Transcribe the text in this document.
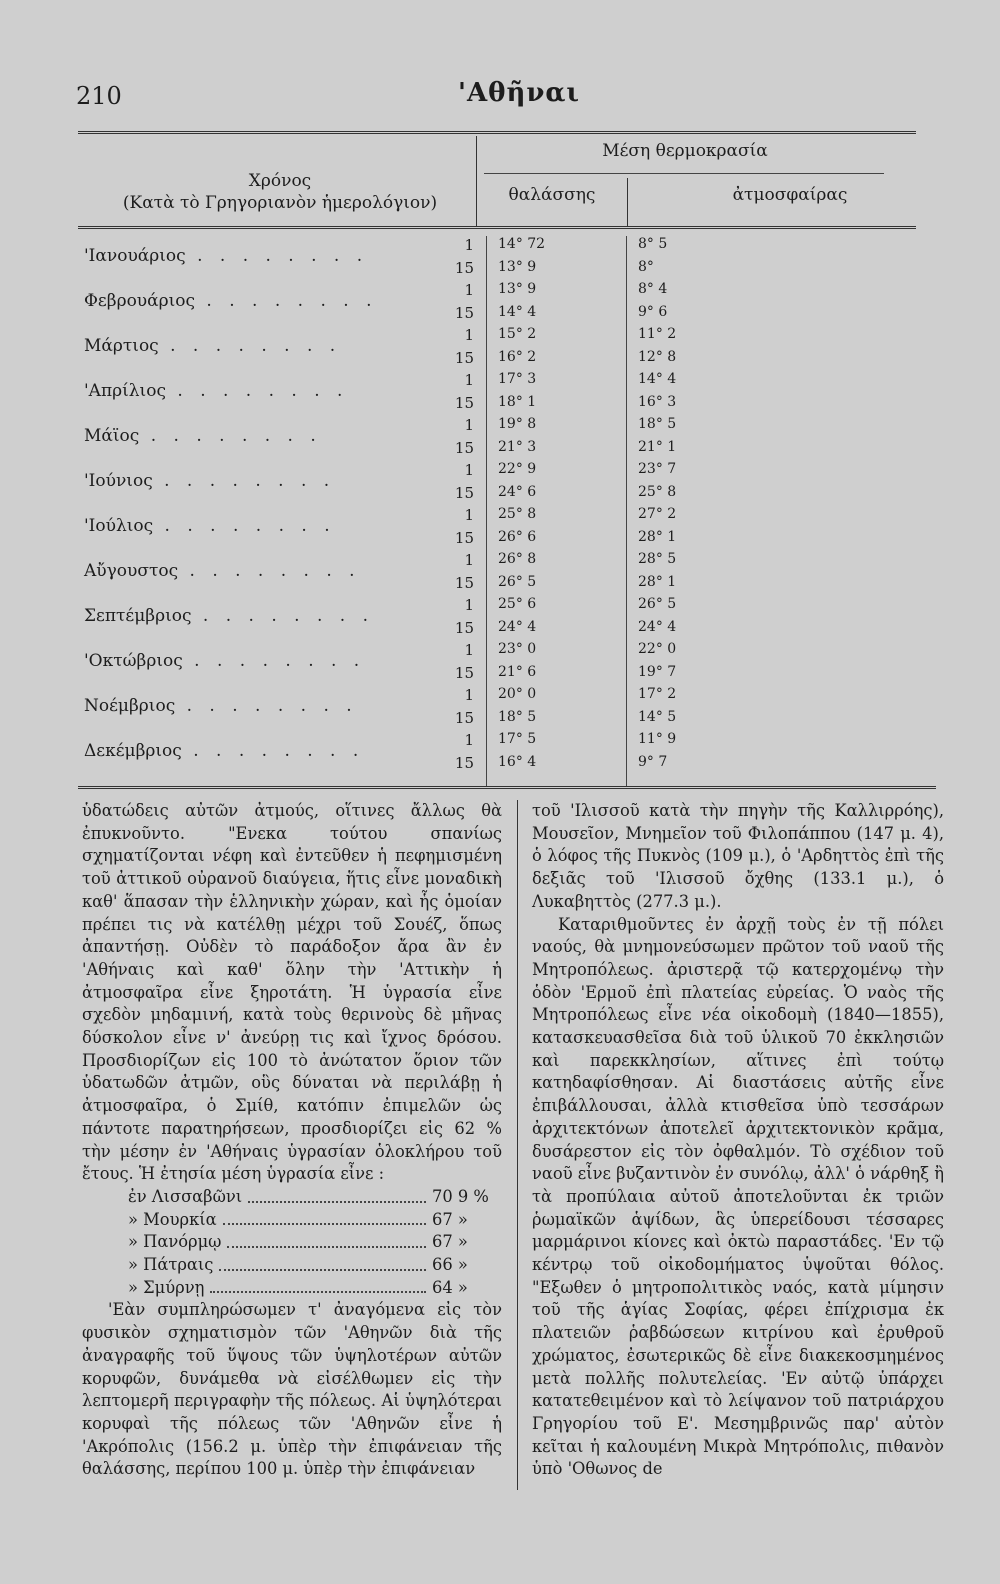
210	'Αθῆναι
Χρόνος
(Κατὰ τὸ Γρηγοριανὸν ἡμερολόγιον)
Μέση θερμοκρασία
θαλάσσης	ἀτμοσφαίρας
'Ιανουάριος . . . . . . . .
1 14° 72	8° 5
15 13° 9	8°
Φεβρουάριος . . . . . . . .
1 13° 9	8° 4
15 14° 4	9° 6
Μάρτιος . . . . . . . .
1 15° 2	11° 2
15 16° 2	12° 8
'Απρίλιος . . . . . . . .
1 17° 3	14° 4
15 18° 1	16° 3
Μάϊος . . . . . . . .
1 19° 8	18° 5
15 21° 3	21° 1
'Ιούνιος . . . . . . . .
1 22° 9	23° 7
15 24° 6	25° 8
'Ιούλιος . . . . . . . .
1 25° 8	27° 2
15 26° 6	28° 1
Αὔγουστος . . . . . . . .
1 26° 8	28° 5
15 26° 5	28° 1
Σεπτέμβριος . . . . . . . .
1 25° 6	26° 5
15 24° 4	24° 4
'Οκτώβριος . . . . . . . .
1 23° 0	22° 0
15 21° 6	19° 7
Νοέμβριος . . . . . . . .
1 20° 0	17° 2
15 18° 5	14° 5
Δεκέμβριος . . . . . . . .
1 17° 5	11° 9
15 16° 4	9° 7

ὑδατώδεις αὐτῶν ἀτμούς, οἵτινες ἄλλως θὰ ἐπυκνοῦντο. "Ενεκα τούτου σπανίως σχηματίζονται νέφη καὶ ἐντεῦθεν ἡ πεφημισμένη τοῦ ἀττικοῦ οὐρανοῦ διαύγεια, ἥτις εἶνε μοναδικὴ καθ' ἅπασαν τὴν ἑλληνικὴν χώραν, καὶ ἧς ὁμοίαν πρέπει τις νὰ κατέλθῃ μέχρι τοῦ Σουέζ, ὅπως ἀπαντήσῃ. Οὐδὲν τὸ παράδοξον ἄρα ἂν ἐν 'Αθήναις καὶ καθ' ὅλην τὴν 'Αττικὴν ἡ ἀτμοσφαῖρα εἶνε ξηροτάτη. Ἡ ὑγρασία εἶνε σχεδὸν μηδαμινή, κατὰ τοὺς θερινοὺς δὲ μῆνας δύσκολον εἶνε ν' ἀνεύρῃ τις καὶ ἴχνος δρόσου. Προσδιορίζων εἰς 100 τὸ ἀνώτατον ὅριον τῶν ὑδατωδῶν ἀτμῶν, οὓς δύναται νὰ περιλάβῃ ἡ ἀτμοσφαῖρα, ὁ Σμίθ, κατόπιν ἐπιμελῶν ὡς πάντοτε παρατηρήσεων, προσδιορίζει εἰς 62 % τὴν μέσην ἐν 'Αθήναις ὑγρασίαν ὁλοκλήρου τοῦ ἔτους. Ἡ ἐτησία μέση ὑγρασία εἶνε :

ἐν Λισσαβῶνι	70 9 %
» Μουρκία	67 »
» Πανόρμῳ	67 »
» Πάτραις	66 »
» Σμύρνῃ	64 »

'Εὰν συμπληρώσωμεν τ' ἀναγόμενα εἰς τὸν φυσικὸν σχηματισμὸν τῶν 'Αθηνῶν διὰ τῆς ἀναγραφῆς τοῦ ὕψους τῶν ὑψηλοτέρων αὐτῶν κορυφῶν, δυνάμεθα νὰ εἰσέλθωμεν εἰς τὴν λεπτομερῆ περιγραφὴν τῆς πόλεως. Αἱ ὑψηλότεραι κορυφαὶ τῆς πόλεως τῶν 'Αθηνῶν εἶνε ἡ 'Ακρόπολις (156.2 μ. ὑπὲρ τὴν ἐπιφάνειαν τῆς θαλάσσης, περίπου 100 μ. ὑπὲρ τὴν ἐπιφάνειαν

τοῦ 'Ιλισσοῦ κατὰ τὴν πηγὴν τῆς Καλλιρρόης), Μουσεῖον, Μνημεῖον τοῦ Φιλοπάππου (147 μ. 4), ὁ λόφος τῆς Πυκνὸς (109 μ.), ὁ 'Αρδηττὸς ἐπὶ τῆς δεξιᾶς τοῦ 'Ιλισσοῦ ὄχθης (133.1 μ.), ὁ Λυκαβηττὸς (277.3 μ.).

Καταριθμοῦντες ἐν ἀρχῇ τοὺς ἐν τῇ πόλει ναούς, θὰ μνημονεύσωμεν πρῶτον τοῦ ναοῦ τῆς Μητροπόλεως. ἀριστερᾷ τῷ κατερχομένῳ τὴν ὁδὸν 'Ερμοῦ ἐπὶ πλατείας εὐρείας. Ὁ ναὸς τῆς Μητροπόλεως εἶνε νέα οἰκοδομὴ (1840—1855), κατασκευασθεῖσα διὰ τοῦ ὑλικοῦ 70 ἐκκλησιῶν καὶ παρεκκλησίων, αἵτινες ἐπὶ τούτῳ κατηδαφίσθησαν. Αἱ διαστάσεις αὐτῆς εἶνε ἐπιβάλλουσαι, ἀλλὰ κτισθεῖσα ὑπὸ τεσσάρων ἀρχιτεκτόνων ἀποτελεῖ ἀρχιτεκτονικὸν κρᾶμα, δυσάρεστον εἰς τὸν ὀφθαλμόν. Τὸ σχέδιον τοῦ ναοῦ εἶνε βυζαντινὸν ἐν συνόλῳ, ἀλλ' ὁ νάρθηξ ἢ τὰ προπύλαια αὐτοῦ ἀποτελοῦνται ἐκ τριῶν ῥωμαϊκῶν ἁψίδων, ἃς ὑπερείδουσι τέσσαρες μαρμάρινοι κίονες καὶ ὀκτὼ παραστάδες. 'Εν τῷ κέντρῳ τοῦ οἰκοδομήματος ὑψοῦται θόλος. "Εξωθεν ὁ μητροπολιτικὸς ναός, κατὰ μίμησιν τοῦ τῆς ἁγίας Σοφίας, φέρει ἐπίχρισμα ἐκ πλατειῶν ῥαβδώσεων κιτρίνου καὶ ἐρυθροῦ χρώματος, ἐσωτερικῶς δὲ εἶνε διακεκοσμημένος μετὰ πολλῆς πολυτελείας. 'Εν αὐτῷ ὑπάρχει κατατεθειμένον καὶ τὸ λείψανον τοῦ πατριάρχου Γρηγορίου τοῦ Ε'. Μεσημβρινῶς παρ' αὐτὸν κεῖται ἡ καλουμένη Μικρὰ Μητρόπολις, πιθανὸν ὑπὸ 'Οθωνος de
